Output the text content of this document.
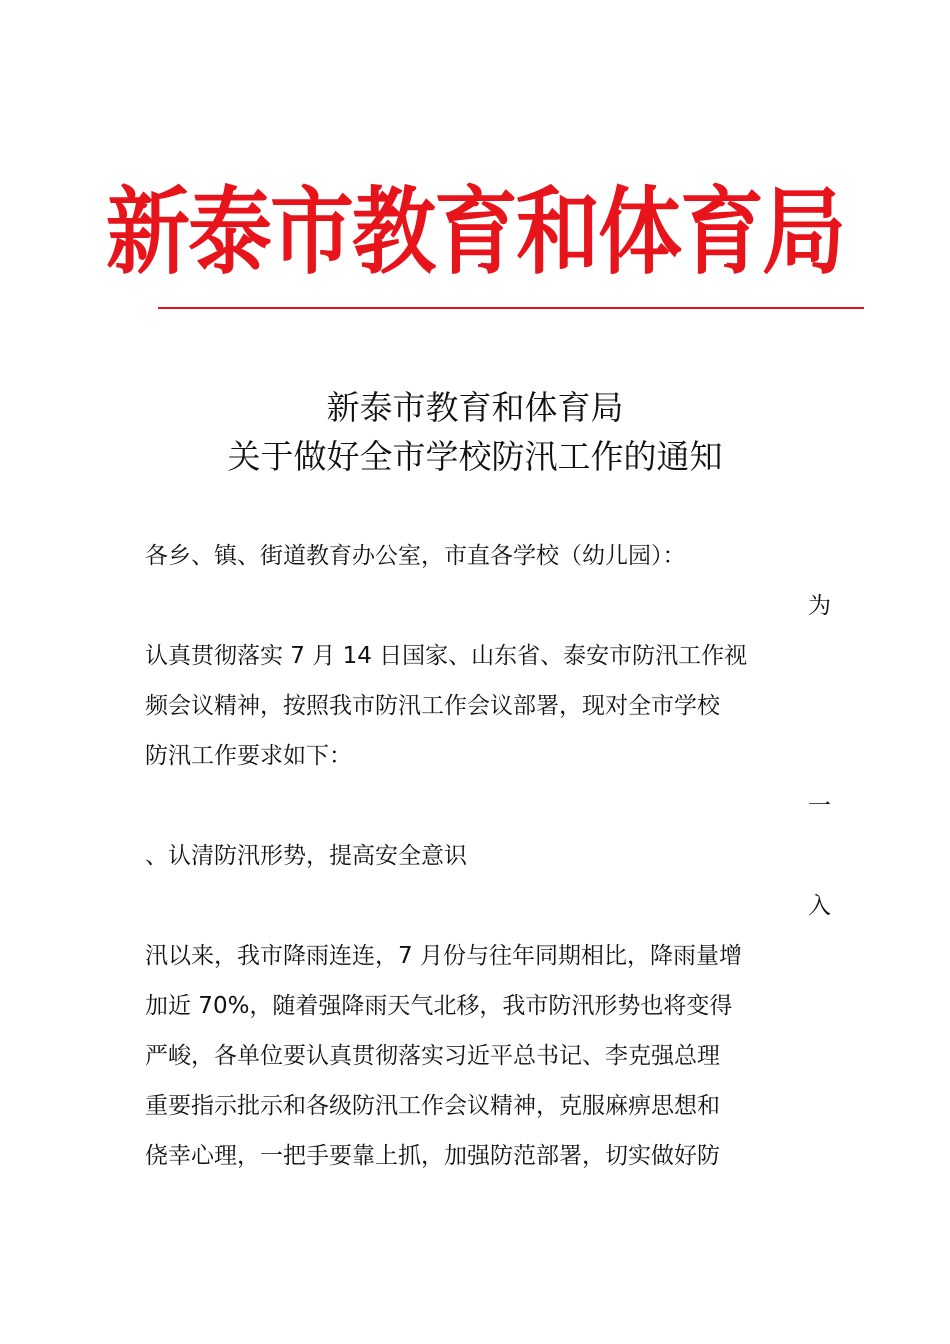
新泰市教育和体育局
新泰市教育和体育局
关于做好全市学校防汛工作的通知
各乡、镇、街道教育办公室，市直各学校（幼儿园）：
为
认真贯彻落实 7 月 14 日国家、山东省、泰安市防汛工作视
频会议精神，按照我市防汛工作会议部署，现对全市学校
防汛工作要求如下：
一
、认清防汛形势，提高安全意识
入
汛以来，我市降雨连连，7 月份与往年同期相比，降雨量增
加近 70%，随着强降雨天气北移，我市防汛形势也将变得
严峻，各单位要认真贯彻落实习近平总书记、李克强总理
重要指示批示和各级防汛工作会议精神，克服麻痹思想和
侥幸心理，一把手要靠上抓，加强防范部署，切实做好防
